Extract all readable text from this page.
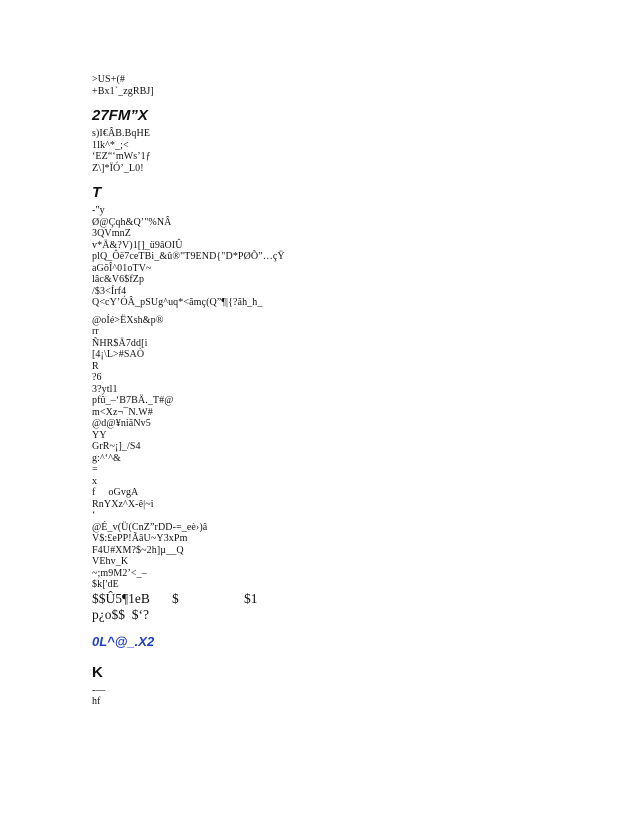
>US+(#
+Bx1`_zgRBJ]
27FM”X
s)I€ÂB.BqHE
1lk^*_;<
‘EZ“‘mWs’1ƒ
Z\]*ÏÓ’_L0!
T
-"y
Ø@Çqh&Q’"%NÂ
3QVmnZ
v*Ä&?V)1[]_ü9âOIÛ
plQ_Ôë7ceTBi_&û®"T9END{"D*PØÕ”…çŸ
aGõÎ^01oTV~
lâc&V6$fZp
/$3<Írf4
Q<cY’ÓÂ_pSUg^uq*<ãmç(Q”¶|{?ãh_h_
@oÍé>ËXsh&p®
rr
ÑHR$Ä7dd[i
[4¡\L>#SAÒ
R
?6
3?ytl1
pfû_–‘B7BÄ._T#@
m<Xz¬¯N.W#
@d@¥niãNv5
YY
GrR~¡]_/S4
g:^‘^&
=
x
f     oGvgA
RnYXz^X-ê|~i
‘
@É_v(Ü(CnZ”rDD-=_eè›)â
V$:£ePP!ÃâU~Y3xPm
F4U#XM?$~2h]µ__Q
VEhv_K
~;m9M2’<_–
$k['dE
$$Û5¶1eB	$	$1
p¿o$$  $‘?
0L^@_.X2
K
-—
hf
